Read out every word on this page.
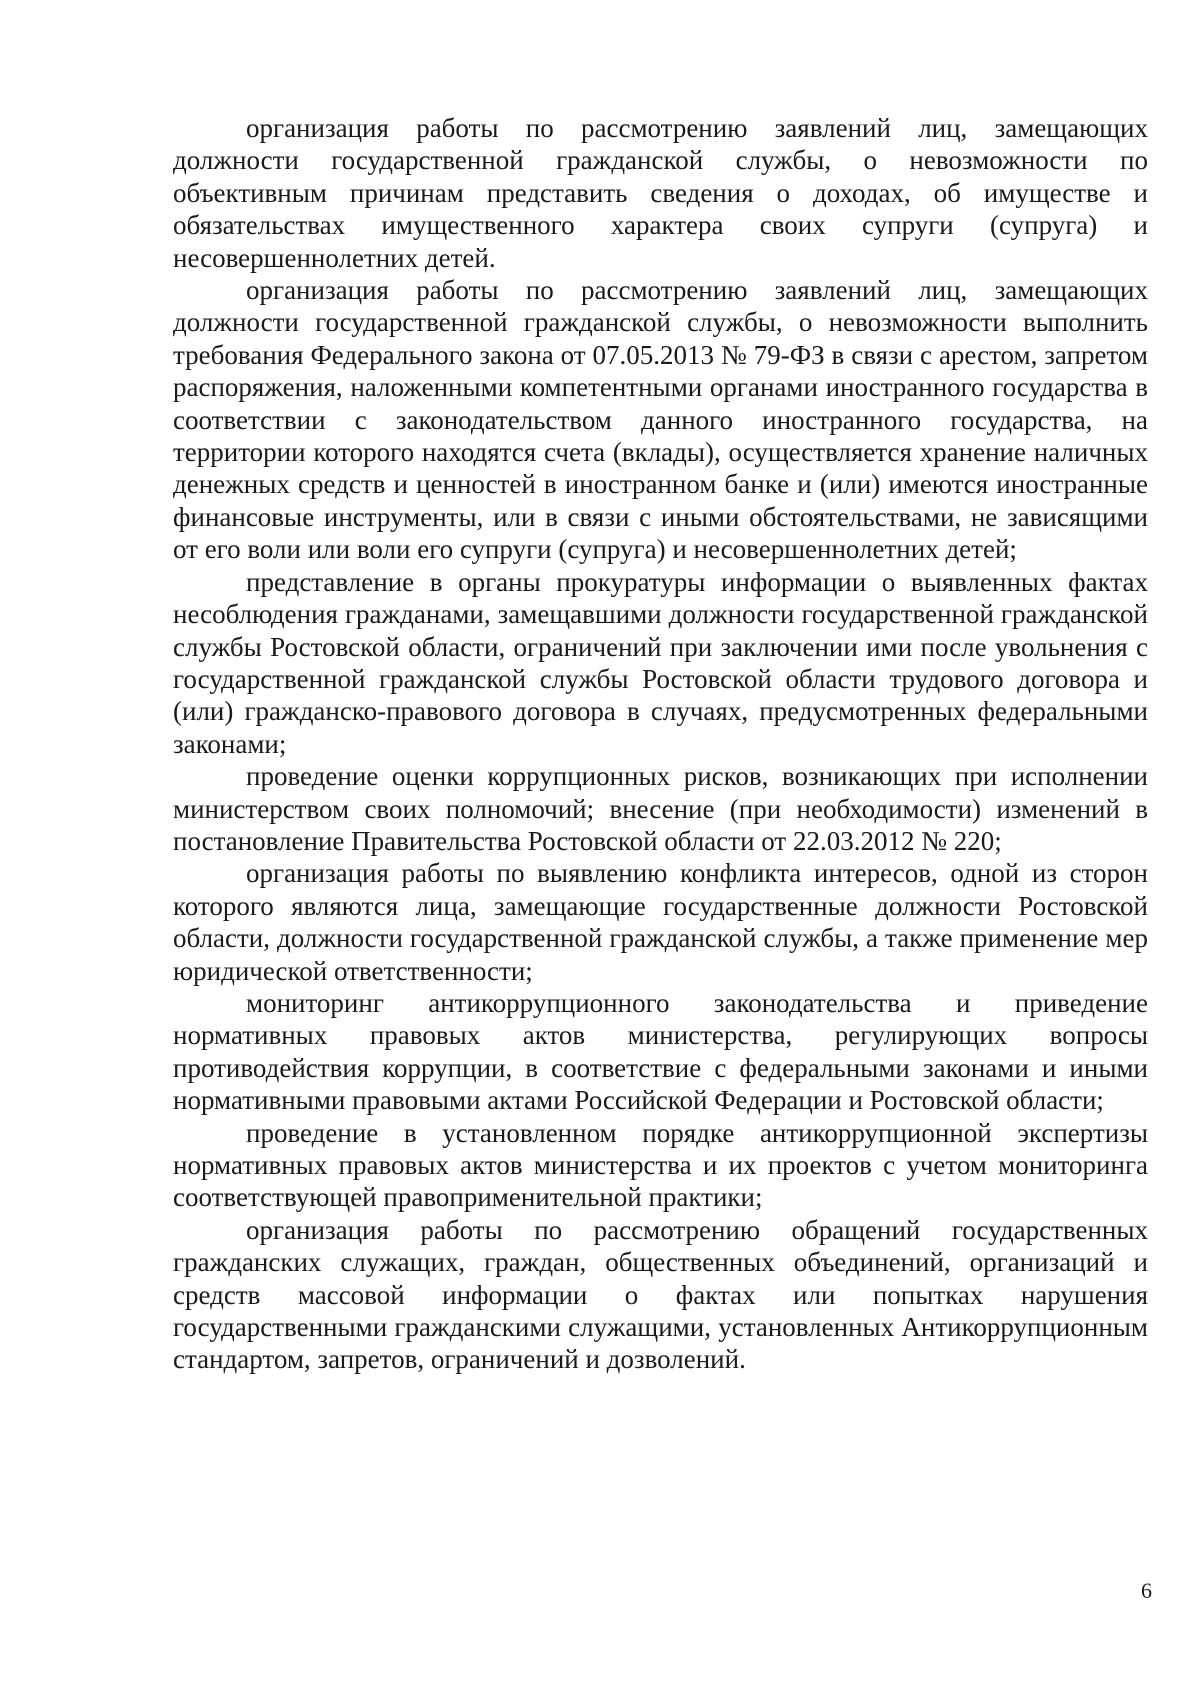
организация работы по рассмотрению заявлений лиц, замещающих должности государственной гражданской службы, о невозможности по объективным причинам представить сведения о доходах, об имуществе и обязательствах имущественного характера своих супруги (супруга) и несовершеннолетних детей.

организация работы по рассмотрению заявлений лиц, замещающих должности государственной гражданской службы, о невозможности выполнить требования Федерального закона от 07.05.2013 № 79-ФЗ в связи с арестом, запретом распоряжения, наложенными компетентными органами иностранного государства в соответствии с законодательством данного иностранного государства, на территории которого находятся счета (вклады), осуществляется хранение наличных денежных средств и ценностей в иностранном банке и (или) имеются иностранные финансовые инструменты, или в связи с иными обстоятельствами, не зависящими от его воли или воли его супруги (супруга) и несовершеннолетних детей;

представление в органы прокуратуры информации о выявленных фактах несоблюдения гражданами, замещавшими должности государственной гражданской службы Ростовской области, ограничений при заключении ими после увольнения с государственной гражданской службы Ростовской области трудового договора и (или) гражданско-правового договора в случаях, предусмотренных федеральными законами;

проведение оценки коррупционных рисков, возникающих при исполнении министерством своих полномочий; внесение (при необходимости) изменений в постановление Правительства Ростовской области от 22.03.2012 № 220;

организация работы по выявлению конфликта интересов, одной из сторон которого являются лица, замещающие государственные должности Ростовской области, должности государственной гражданской службы, а также применение мер юридической ответственности;

мониторинг антикоррупционного законодательства и приведение нормативных правовых актов министерства, регулирующих вопросы противодействия коррупции, в соответствие с федеральными законами и иными нормативными правовыми актами Российской Федерации и Ростовской области;

проведение в установленном порядке антикоррупционной экспертизы нормативных правовых актов министерства и их проектов с учетом мониторинга соответствующей правоприменительной практики;

организация работы по рассмотрению обращений государственных гражданских служащих, граждан, общественных объединений, организаций и средств массовой информации о фактах или попытках нарушения государственными гражданскими служащими, установленных Антикоррупционным стандартом, запретов, ограничений и дозволений.

6
